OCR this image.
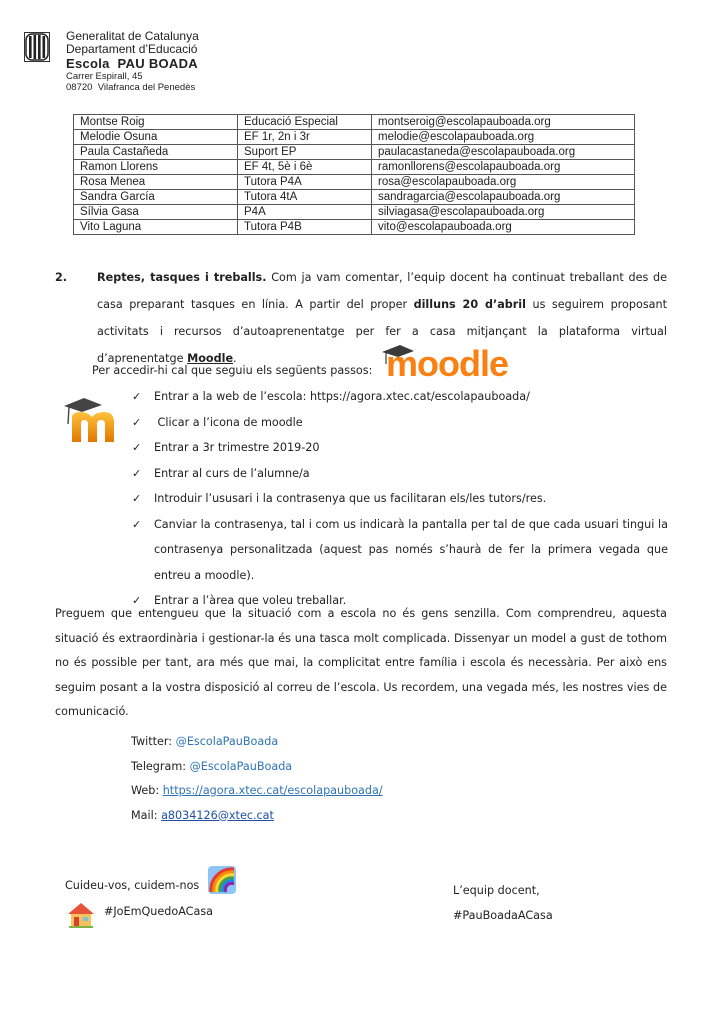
Generalitat de Catalunya
Departament d’Educació
Escola  PAU BOADA
Carrer Espirall, 45
08720  Vilafranca del Penedès
Montse Roig	Educació Especial	montseroig@escolapauboada.org
Melodie Osuna	EF 1r, 2n i 3r	melodie@escolapauboada.org
Paula Castañeda	Suport EP	paulacastaneda@escolapauboada.org
Ramon Llorens	EF 4t, 5è i 6è	ramonllorens@escolapauboada.org
Rosa Menea	Tutora P4A	rosa@escolapauboada.org
Sandra García	Tutora 4tA	sandragarcia@escolapauboada.org
Sílvia Gasa	P4A	silviagasa@escolapauboada.org
Vito Laguna	Tutora P4B	vito@escolapauboada.org
2.	Reptes, tasques i treballs. Com ja vam comentar, l’equip docent ha continuat treballant des de casa preparant tasques en línia. A partir del proper dilluns 20 d’abril us seguirem proposant activitats i recursos d’autoaprenentatge per fer a casa mitjançant la plataforma virtual d’aprenentatge Moodle.
Per accedir-hi cal que seguiu els següents passos: moodle
✓ Entrar a la web de l’escola: https://agora.xtec.cat/escolapauboada/
✓ Clicar a l’icona de moodle
✓ Entrar a 3r trimestre 2019-20
✓ Entrar al curs de l’alumne/a
✓ Introduir l’ususari i la contrasenya que us facilitaran els/les tutors/res.
✓ Canviar la contrasenya, tal i com us indicarà la pantalla per tal de que cada usuari tingui la contrasenya personalitzada (aquest pas només s’haurà de fer la primera vegada que entreu a moodle).
✓ Entrar a l’àrea que voleu treballar.
Preguem que entengueu que la situació com a escola no és gens senzilla. Com comprendreu, aquesta situació és extraordinària i gestionar-la és una tasca molt complicada. Dissenyar un model a gust de tothom no és possible per tant, ara més que mai, la complicitat entre família i escola és necessària. Per això ens seguim posant a la vostra disposició al correu de l’escola. Us recordem, una vegada més, les nostres vies de comunicació.
Twitter: @EscolaPauBoada
Telegram: @EscolaPauBoada
Web: https://agora.xtec.cat/escolapauboada/
Mail: a8034126@xtec.cat
Cuideu-vos, cuidem-nos
#JoEmQuedoACasa
L’equip docent,
#PauBoadaACasa
